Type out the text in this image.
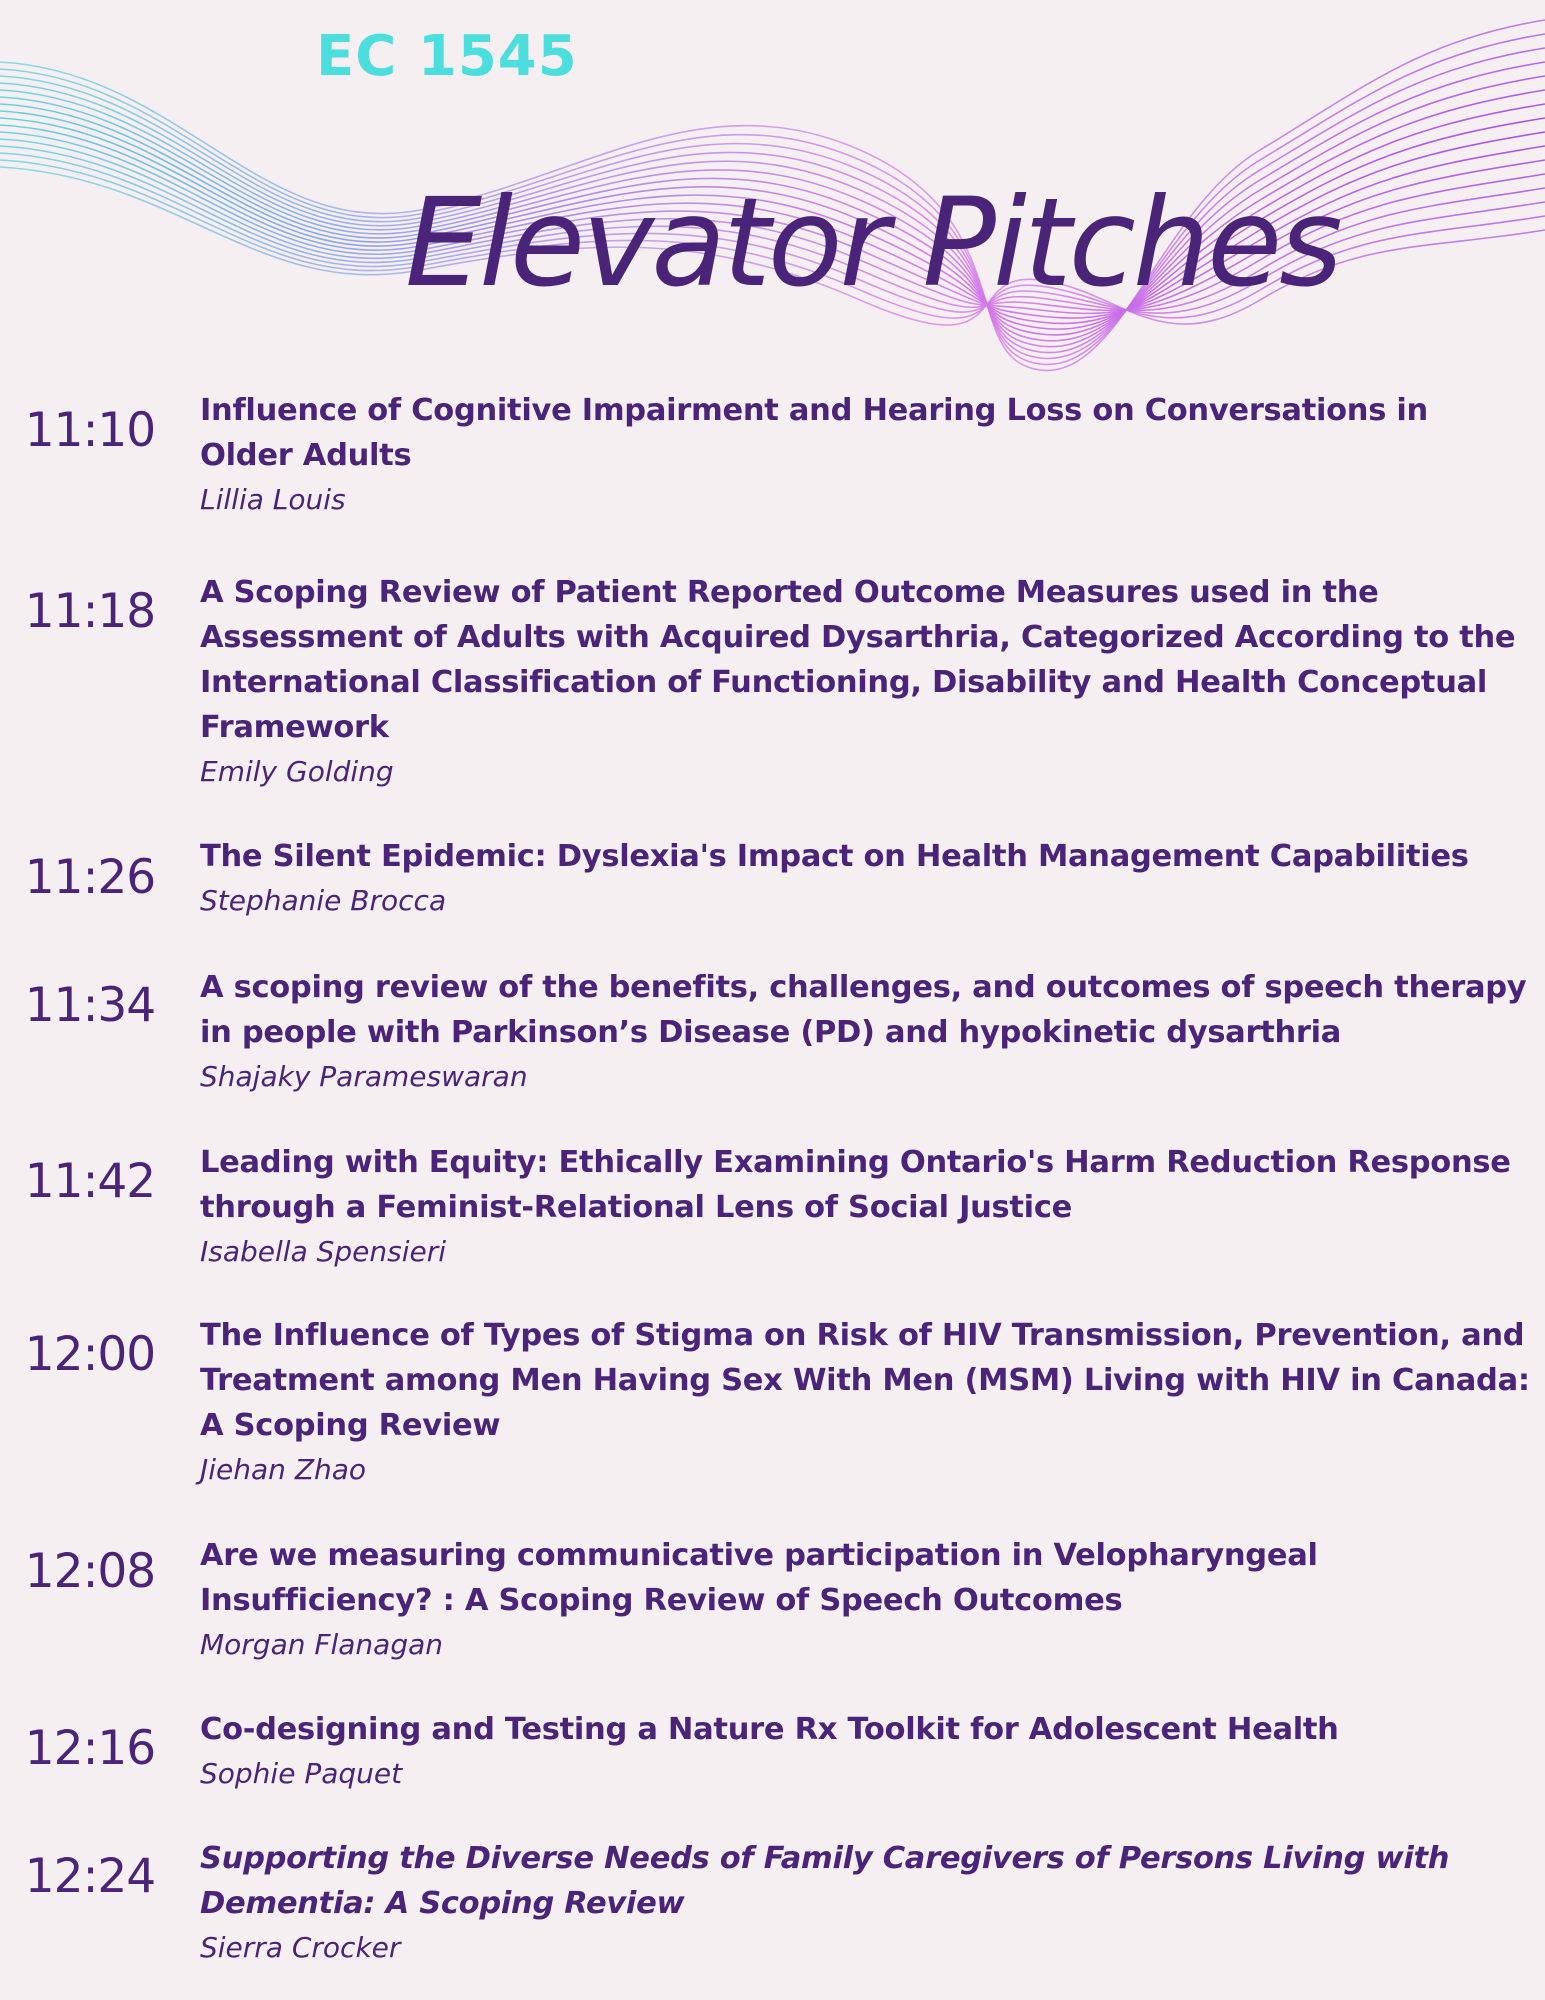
EC 1545
Elevator Pitches
11:10	Influence of Cognitive Impairment and Hearing Loss on Conversations in Older Adults
Lillia Louis
11:18	A Scoping Review of Patient Reported Outcome Measures used in the Assessment of Adults with Acquired Dysarthria, Categorized According to the International Classification of Functioning, Disability and Health Conceptual Framework
Emily Golding
11:26	The Silent Epidemic: Dyslexia's Impact on Health Management Capabilities
Stephanie Brocca
11:34	A scoping review of the benefits, challenges, and outcomes of speech therapy in people with Parkinson’s Disease (PD) and hypokinetic dysarthria
Shajaky Parameswaran
11:42	Leading with Equity: Ethically Examining Ontario's Harm Reduction Response through a Feminist-Relational Lens of Social Justice
Isabella Spensieri
12:00	The Influence of Types of Stigma on Risk of HIV Transmission, Prevention, and Treatment among Men Having Sex With Men (MSM) Living with HIV in Canada: A Scoping Review
Jiehan Zhao
12:08	Are we measuring communicative participation in Velopharyngeal Insufficiency? : A Scoping Review of Speech Outcomes
Morgan Flanagan
12:16	Co-designing and Testing a Nature Rx Toolkit for Adolescent Health
Sophie Paquet
12:24	Supporting the Diverse Needs of Family Caregivers of Persons Living with Dementia: A Scoping Review
Sierra Crocker
